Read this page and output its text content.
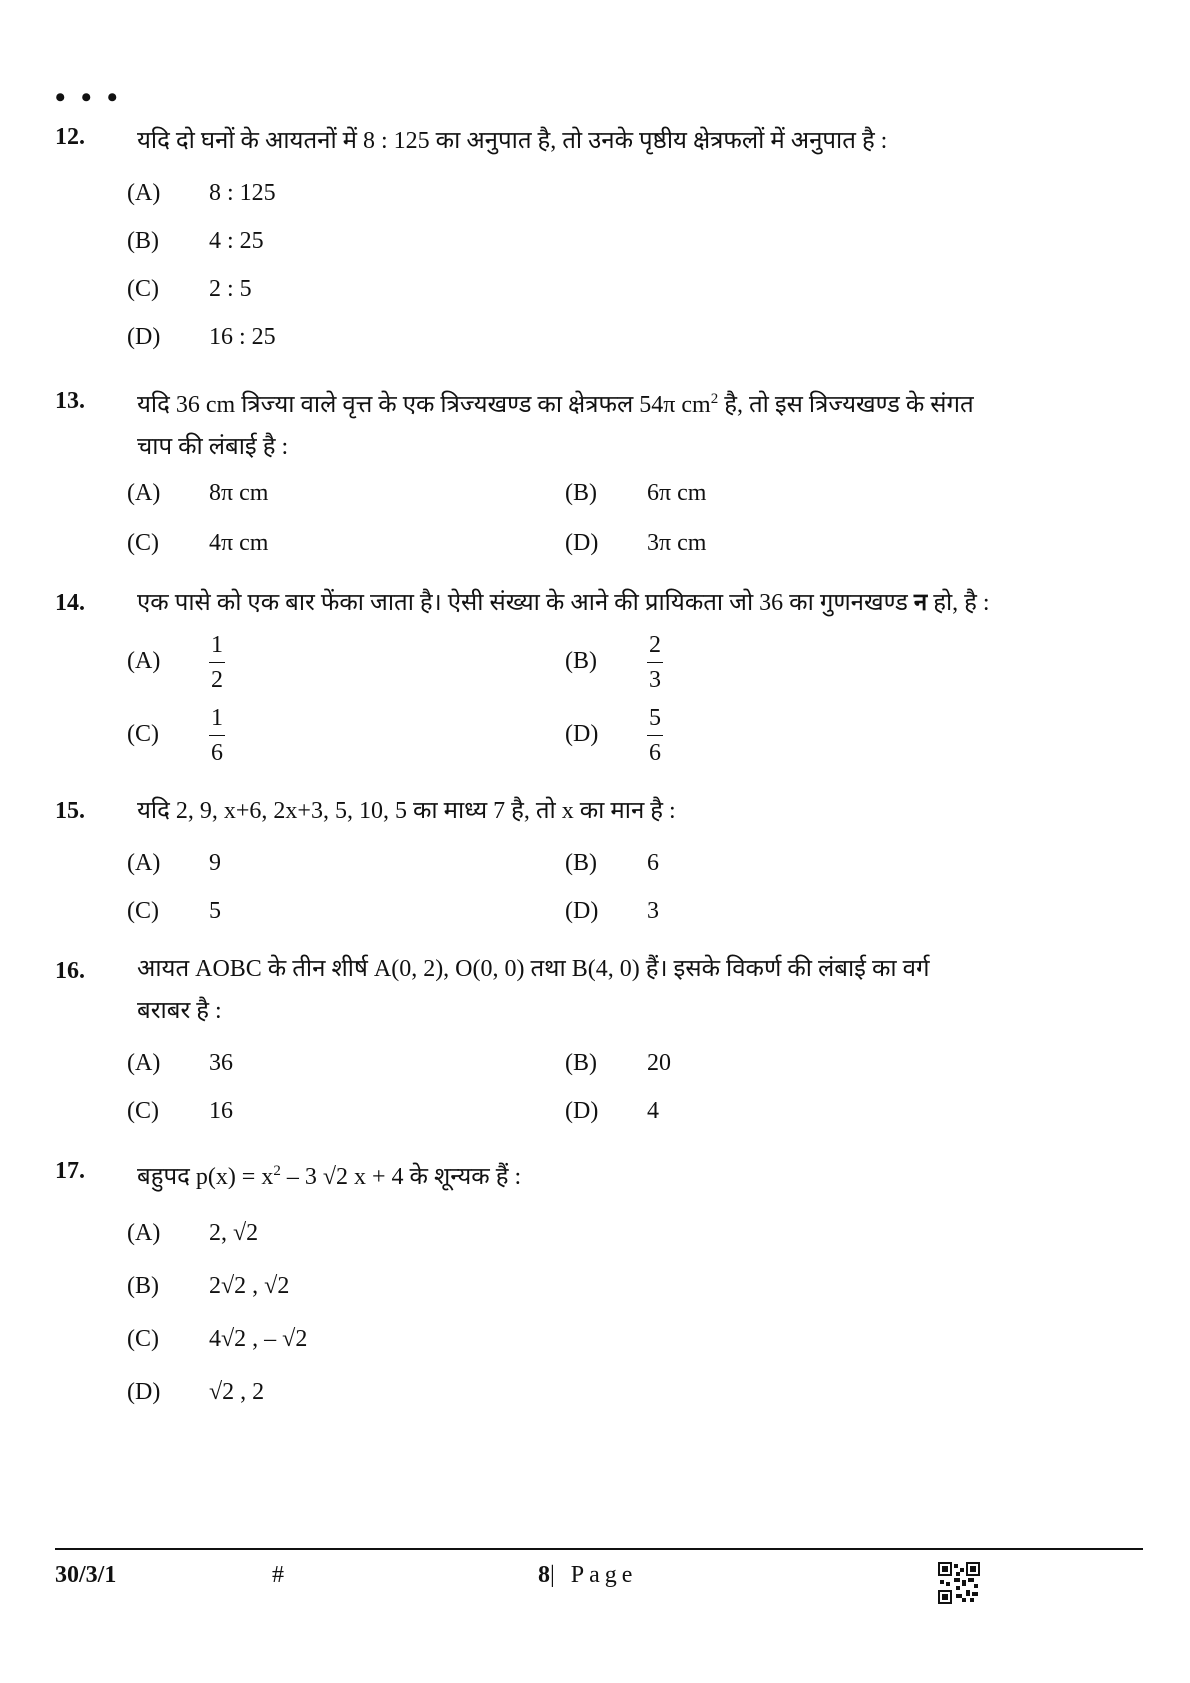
• • •
12. यदि दो घनों के आयतनों में 8 : 125 का अनुपात है, तो उनके पृष्ठीय क्षेत्रफलों में अनुपात है :
(A) 8 : 125
(B) 4 : 25
(C) 2 : 5
(D) 16 : 25
13. यदि 36 cm त्रिज्या वाले वृत्त के एक त्रिज्यखण्ड का क्षेत्रफल 54π $cm^2$ है, तो इस त्रिज्यखण्ड के संगत
चाप की लंबाई है :
(A) 8π cm	(B) 6π cm
(C) 4π cm	(D) 3π cm
14. एक पासे को एक बार फेंका जाता है। ऐसी संख्या के आने की प्रायिकता जो 36 का गुणनखण्ड न हो, है :
$(A) \frac{1}{2}$	$(B) \frac{2}{3}$
$(C) \frac{1}{6}$	$(D) \frac{5}{6}$
15. यदि 2, 9, x+6, 2x+3, 5, 10, 5 का माध्य 7 है, तो x का मान है :
(A) 9	(B) 6
(C) 5	(D) 3
16. आयत AOBC के तीन शीर्ष A(0, 2), O(0, 0) तथा B(4, 0) हैं। इसके विकर्ण की लंबाई का वर्ग
बराबर है :
(A) 36	(B) 20
(C) 16	(D) 4
17. बहुपद $p(x) = x^2 - 3$ √2 x + 4 के शून्यक हैं :
(A) 2, √2
(B) 2√2 , √2
(C) 4√2 , – √2
(D) √2 , 2
30/3/1	#	8| Page
